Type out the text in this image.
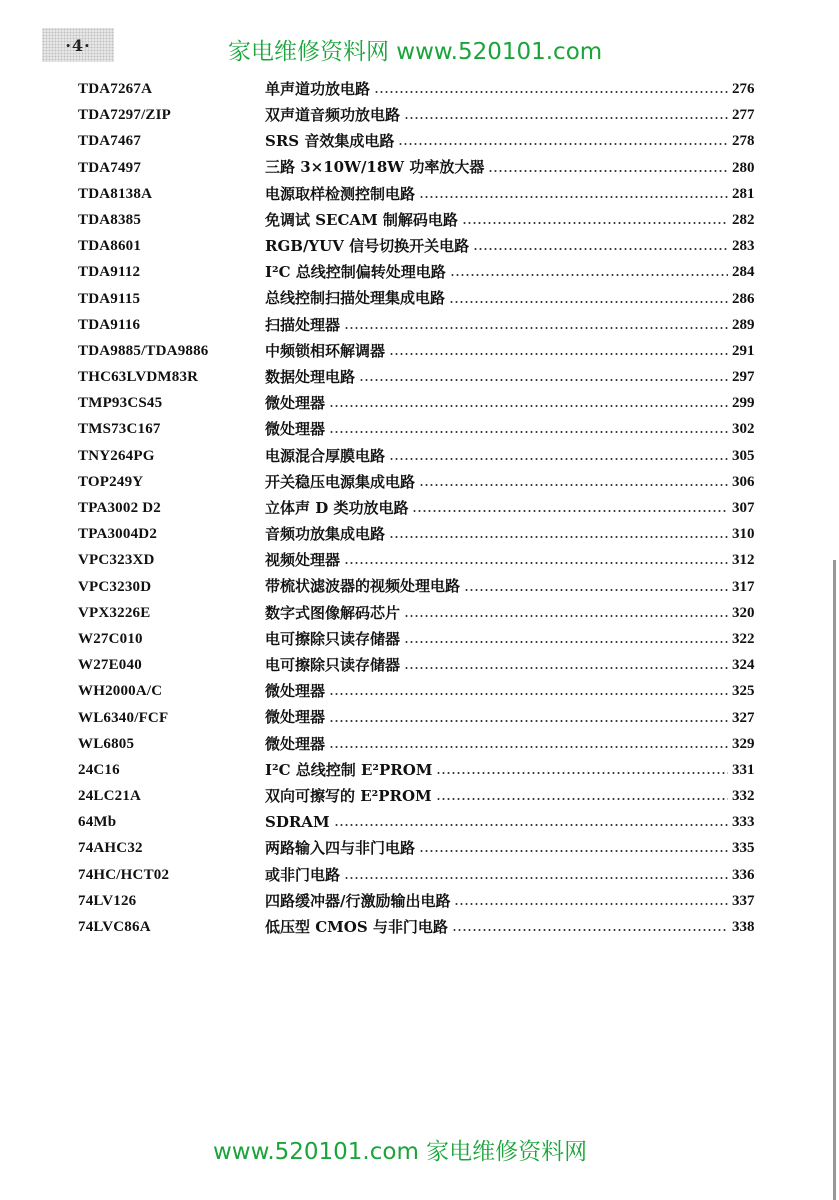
·4·	家电维修资料网 www.520101.com
TDA7267A	单声道功放电路	276
TDA7297/ZIP	双声道音频功放电路	277
TDA7467	SRS 音效集成电路	278
TDA7497	三路 3×10W/18W 功率放大器	280
TDA8138A	电源取样检测控制电路	281
TDA8385	免调试 SECAM 制解码电路	282
TDA8601	RGB/YUV 信号切换开关电路	283
TDA9112	I²C 总线控制偏转处理电路	284
TDA9115	总线控制扫描处理集成电路	286
TDA9116	扫描处理器	289
TDA9885/TDA9886	中频锁相环解调器	291
THC63LVDM83R	数据处理电路	297
TMP93CS45	微处理器	299
TMS73C167	微处理器	302
TNY264PG	电源混合厚膜电路	305
TOP249Y	开关稳压电源集成电路	306
TPA3002 D2	立体声 D 类功放电路	307
TPA3004D2	音频功放集成电路	310
VPC323XD	视频处理器	312
VPC3230D	带梳状滤波器的视频处理电路	317
VPX3226E	数字式图像解码芯片	320
W27C010	电可擦除只读存储器	322
W27E040	电可擦除只读存储器	324
WH2000A/C	微处理器	325
WL6340/FCF	微处理器	327
WL6805	微处理器	329
24C16	I²C 总线控制 E²PROM	331
24LC21A	双向可擦写的 E²PROM	332
64Mb	SDRAM	333
74AHC32	两路输入四与非门电路	335
74HC/HCT02	或非门电路	336
74LV126	四路缓冲器/行激励输出电路	337
74LVC86A	低压型 CMOS 与非门电路	338
www.520101.com 家电维修资料网
